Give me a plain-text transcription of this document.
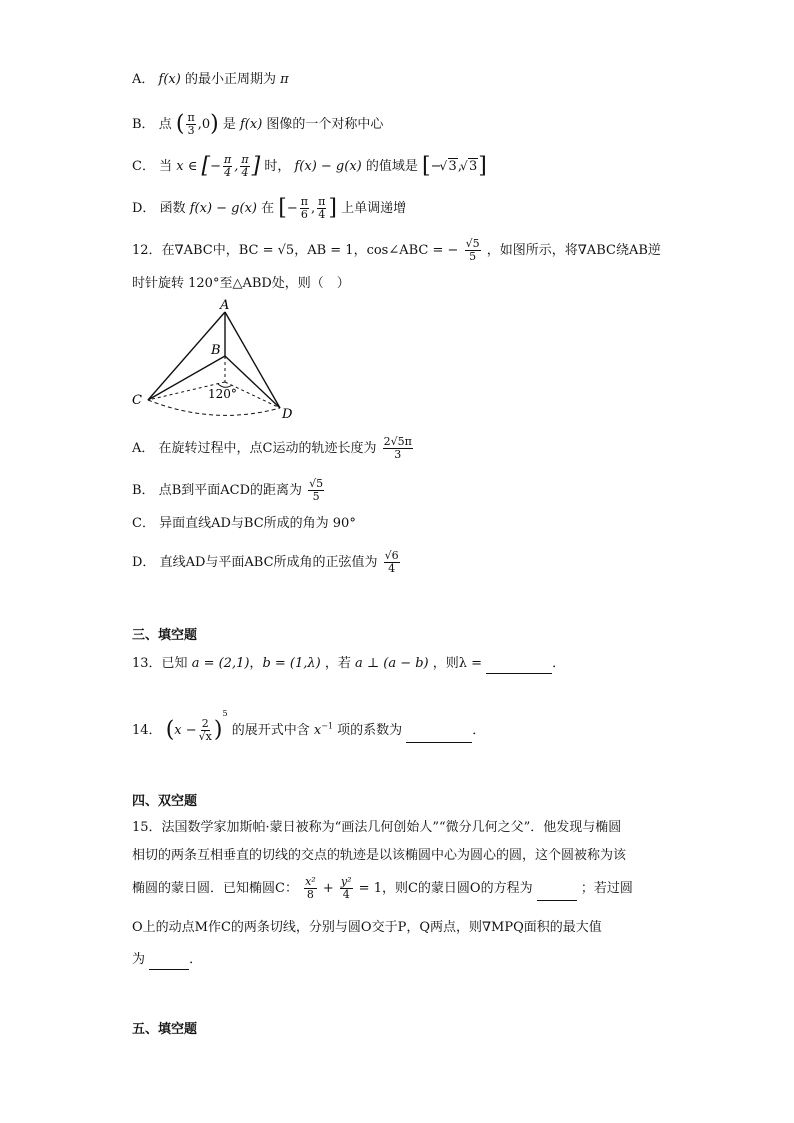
A． f(x) 的最小正周期为 π
B． 点 ( $\frac{\pi}{3} ,0$) 是 f(x) 图像的一个对称中心
C． 当 x ∈ [− $\frac{\pi}{4}$ , $\frac{\pi}{4}$ ] 时， f(x) − g(x) 的值域是 [− √ 3, √ 3]
D． 函数 f(x) − g(x) 在 [− $\frac{\pi}{6}$ , $\frac{\pi}{4}$ ] 上单调递增
12．在∇ABC中，BC = √5，AB = 1，cos∠ABC = − $\frac{√5}{5}$ ，如图所示，将∇ABC绕AB逆
时针旋转 120°至△ABD处，则（　）
A
B
C
D
120°
A． 在旋转过程中，点C运动的轨迹长度为 $\frac{2√5\pi}{3}$
B． 点B到平面ACD的距离为 $\frac{√5}{5}$
C． 异面直线AD与BC所成的角为 90°
D． 直线AD与平面ABC所成角的正弦值为 $\frac{√6}{4}$
三、填空题
13．已知 a = (2,1)，b = (1,λ) ，若 a ⊥ (a − b) ，则λ =	．
14． $(x - \frac{2}{√x} )^5$ 的展开式中含 $x^{-1}$ 项的系数为	．
四、双空题
15．法国数学家加斯帕·蒙日被称为“画法几何创始人”“微分几何之父”．他发现与椭圆
相切的两条互相垂直的切线的交点的轨迹是以该椭圆中心为圆心的圆，这个圆被称为该
椭圆的蒙日圆．已知椭圆C： $\frac{\text{x²}}{8} + \frac{\text{y²}}{4} = 1$，则C的蒙日圆O的方程为	；若过圆
O上的动点M作C的两条切线，分别与圆O交于P，Q两点，则∇MPQ面积的最大值
为	．
五、填空题
